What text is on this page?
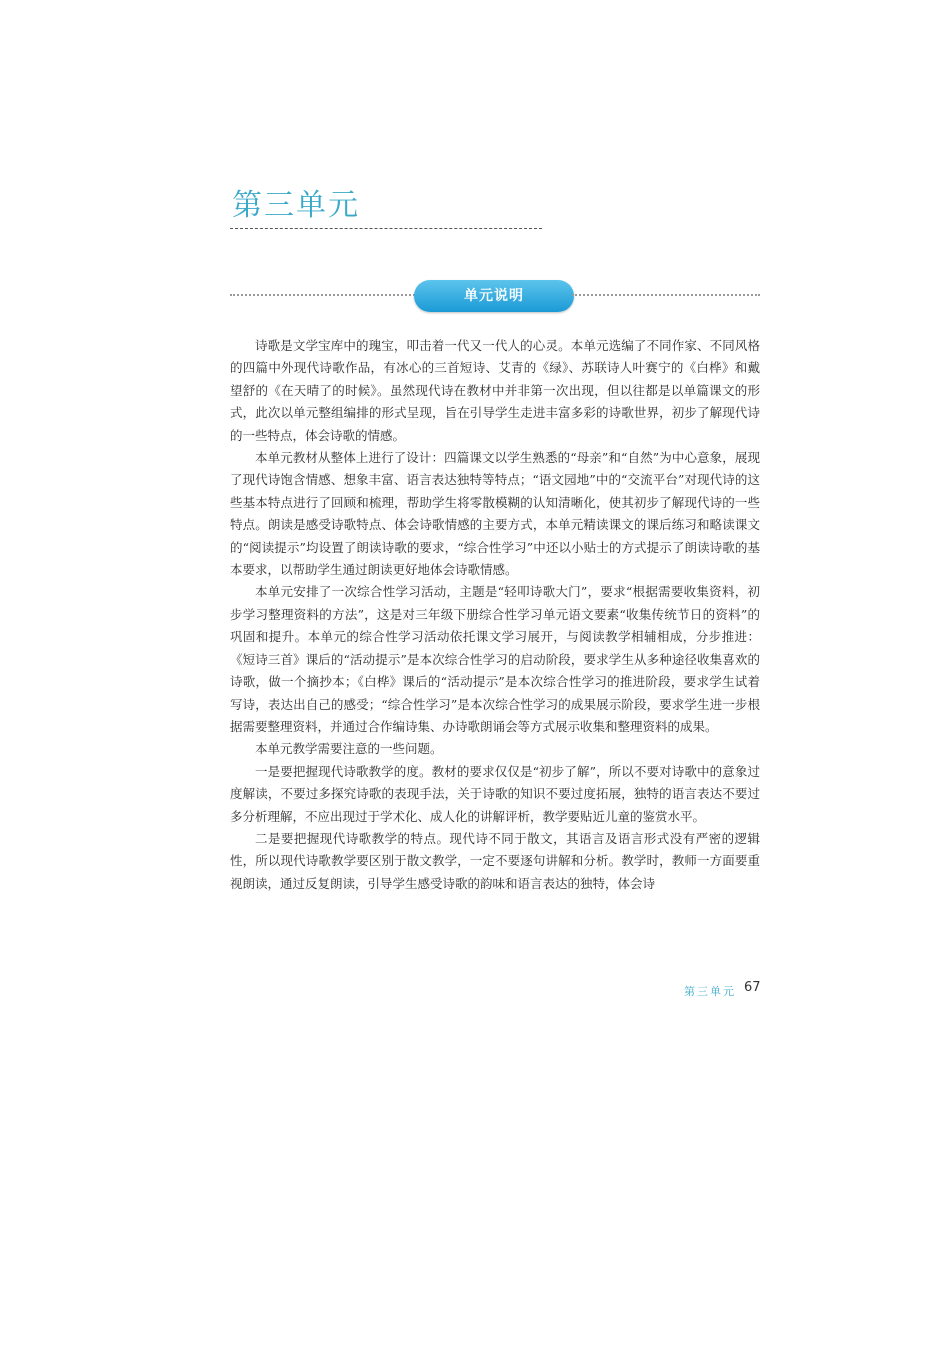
第三单元
单元说明

诗歌是文学宝库中的瑰宝，叩击着一代又一代人的心灵。本单元选编了不同作家、不同风格的四篇中外现代诗歌作品，有冰心的三首短诗、艾青的《绿》、苏联诗人叶赛宁的《白桦》和戴望舒的《在天晴了的时候》。虽然现代诗在教材中并非第一次出现，但以往都是以单篇课文的形式，此次以单元整组编排的形式呈现，旨在引导学生走进丰富多彩的诗歌世界，初步了解现代诗的一些特点，体会诗歌的情感。

本单元教材从整体上进行了设计：四篇课文以学生熟悉的“母亲”和“自然”为中心意象，展现了现代诗饱含情感、想象丰富、语言表达独特等特点；“语文园地”中的“交流平台”对现代诗的这些基本特点进行了回顾和梳理，帮助学生将零散模糊的认知清晰化，使其初步了解现代诗的一些特点。朗读是感受诗歌特点、体会诗歌情感的主要方式，本单元精读课文的课后练习和略读课文的“阅读提示”均设置了朗读诗歌的要求，“综合性学习”中还以小贴士的方式提示了朗读诗歌的基本要求，以帮助学生通过朗读更好地体会诗歌情感。

本单元安排了一次综合性学习活动，主题是“轻叩诗歌大门”，要求“根据需要收集资料，初步学习整理资料的方法”，这是对三年级下册综合性学习单元语文要素“收集传统节日的资料”的巩固和提升。本单元的综合性学习活动依托课文学习展开，与阅读教学相辅相成，分步推进：《短诗三首》课后的“活动提示”是本次综合性学习的启动阶段，要求学生从多种途径收集喜欢的诗歌，做一个摘抄本；《白桦》课后的“活动提示”是本次综合性学习的推进阶段，要求学生试着写诗，表达出自己的感受；“综合性学习”是本次综合性学习的成果展示阶段，要求学生进一步根据需要整理资料，并通过合作编诗集、办诗歌朗诵会等方式展示收集和整理资料的成果。

本单元教学需要注意的一些问题。

一是要把握现代诗歌教学的度。教材的要求仅仅是“初步了解”，所以不要对诗歌中的意象过度解读，不要过多探究诗歌的表现手法，关于诗歌的知识不要过度拓展，独特的语言表达不要过多分析理解，不应出现过于学术化、成人化的讲解评析，教学要贴近儿童的鉴赏水平。

二是要把握现代诗歌教学的特点。现代诗不同于散文，其语言及语言形式没有严密的逻辑性，所以现代诗歌教学要区别于散文教学，一定不要逐句讲解和分析。教学时，教师一方面要重视朗读，通过反复朗读，引导学生感受诗歌的韵味和语言表达的独特，体会诗

第三单元 67
